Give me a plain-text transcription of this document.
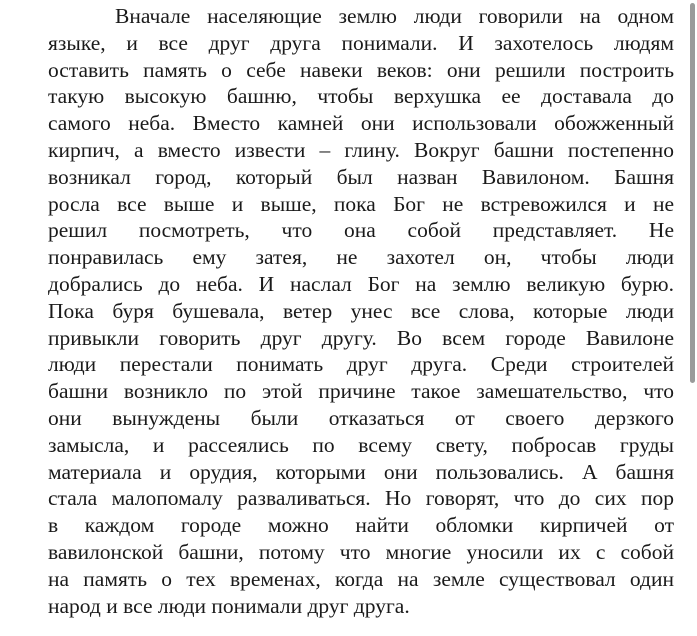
Вначале населяющие землю люди говорили на одном
языке, и все друг друга понимали. И захотелось людям
оставить память о себе навеки веков: они решили построить
такую высокую башню, чтобы верхушка ее доставала до
самого неба. Вместо камней они использовали обожженный
кирпич, а вместо извести – глину. Вокруг башни постепенно
возникал город, который был назван Вавилоном. Башня
росла все выше и выше, пока Бог не встревожился и не
решил посмотреть, что она собой представляет. Не
понравилась ему затея, не захотел он, чтобы люди
добрались до неба. И наслал Бог на землю великую бурю.
Пока буря бушевала, ветер унес все слова, которые люди
привыкли говорить друг другу. Во всем городе Вавилоне
люди перестали понимать друг друга. Среди строителей
башни возникло по этой причине такое замешательство, что
они вынуждены были отказаться от своего дерзкого
замысла, и рассеялись по всему свету, побросав груды
материала и орудия, которыми они пользовались. А башня
стала малопомалу разваливаться. Но говорят, что до сих пор
в каждом городе можно найти обломки кирпичей от
вавилонской башни, потому что многие уносили их с собой
на память о тех временах, когда на земле существовал один
народ и все люди понимали друг друга.
